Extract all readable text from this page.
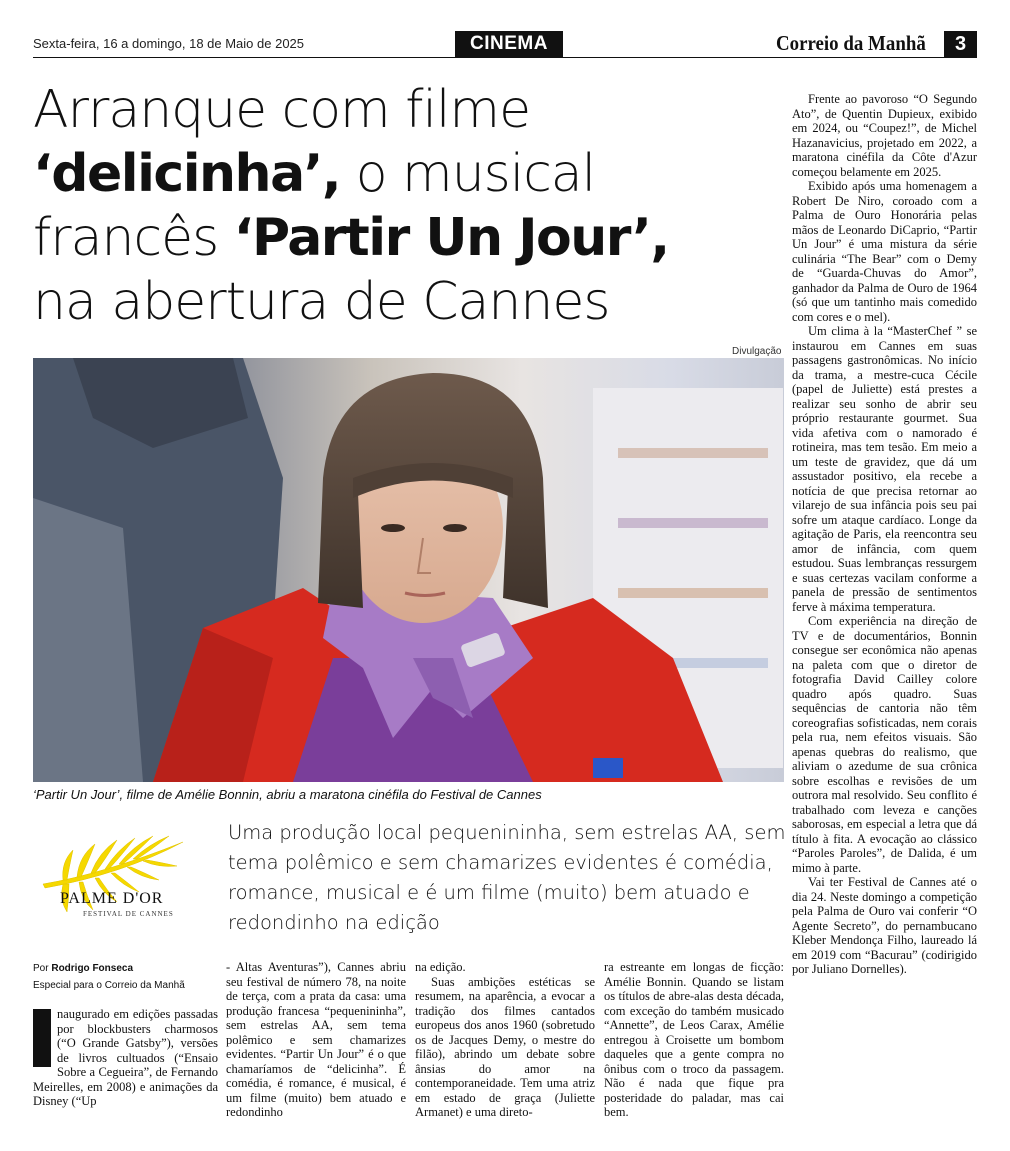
Sexta-feira, 16 a domingo, 18 de Maio de 2025	CINEMA	Correio da Manhã	3
Arranque com filme
‘delicinha’, o musical
francês ‘Partir Un Jour’,
na abertura de Cannes
Divulgação
‘Partir Un Jour’, filme de Amélie Bonnin, abriu a maratona cinéfila do Festival de Cannes
PALME D'OR
FESTIVAL DE CANNES
Uma produção local pequenininha, sem estrelas AA, sem tema polêmico e sem chamarizes evidentes é comédia, romance, musical e é um filme (muito) bem atuado e redondinho na edição
Por Rodrigo Fonseca
Especial para o Correio da Manhã

naugurado em edições passadas por blockbusters charmosos (“O Grande Gatsby”), versões de livros cultuados (“Ensaio Sobre a Cegueira”, de Fernando Meirelles, em 2008) e animações da Disney (“Up

- Altas Aventuras”), Cannes abriu seu festival de número 78, na noite de terça, com a prata da casa: uma produção francesa “pequenininha”, sem estrelas AA, sem tema polêmico e sem chamarizes evidentes. “Partir Un Jour” é o que chamaríamos de “delicinha”. É comédia, é romance, é musical, é um filme (muito) bem atuado e redondinho

na edição.

Suas ambições estéticas se resumem, na aparência, a evocar a tradição dos filmes cantados europeus dos anos 1960 (sobretudo os de Jacques Demy, o mestre do filão), abrindo um debate sobre ânsias do amor na contemporaneidade. Tem uma atriz em estado de graça (Juliette Armanet) e uma direto-

ra estreante em longas de ficção: Amélie Bonnin. Quando se listam os títulos de abre-alas desta década, com exceção do também musicado “Annette”, de Leos Carax, Amélie entregou à Croisette um bombom daqueles que a gente compra no ônibus com o troco da passagem. Não é nada que fique pra posteridade do paladar, mas cai bem.

Frente ao pavoroso “O Segundo Ato”, de Quentin Dupieux, exibido em 2024, ou “Coupez!”, de Michel Hazanavicius, projetado em 2022, a maratona cinéfila da Côte d'Azur começou belamente em 2025.

Exibido após uma homenagem a Robert De Niro, coroado com a Palma de Ouro Honorária pelas mãos de Leonardo DiCaprio, “Partir Un Jour” é uma mistura da série culinária “The Bear” com o Demy de “Guarda-Chuvas do Amor”, ganhador da Palma de Ouro de 1964 (só que um tantinho mais comedido com cores e o mel).

Um clima à la “MasterChef ” se instaurou em Cannes em suas passagens gastronômicas. No início da trama, a mestre-cuca Cécile (papel de Juliette) está prestes a realizar seu sonho de abrir seu próprio restaurante gourmet. Sua vida afetiva com o namorado é rotineira, mas tem tesão. Em meio a um teste de gravidez, que dá um assustador positivo, ela recebe a notícia de que precisa retornar ao vilarejo de sua infância pois seu pai sofre um ataque cardíaco. Longe da agitação de Paris, ela reencontra seu amor de infância, com quem estudou. Suas lembranças ressurgem e suas certezas vacilam conforme a panela de pressão de sentimentos ferve à máxima temperatura.

Com experiência na direção de TV e de documentários, Bonnin consegue ser econômica não apenas na paleta com que o diretor de fotografia David Cailley colore quadro após quadro. Suas sequências de cantoria não têm coreografias sofisticadas, nem corais pela rua, nem efeitos visuais. São apenas quebras do realismo, que aliviam o azedume de sua crônica sobre escolhas e revisões de um outrora mal resolvido. Seu conflito é trabalhado com leveza e canções saborosas, em especial a letra que dá título à fita. A evocação ao clássico “Paroles Paroles”, de Dalida, é um mimo à parte.

Vai ter Festival de Cannes até o dia 24. Neste domingo a competição pela Palma de Ouro vai conferir “O Agente Secreto”, do pernambucano Kleber Mendonça Filho, laureado lá em 2019 com “Bacurau” (codirigido por Juliano Dornelles).
